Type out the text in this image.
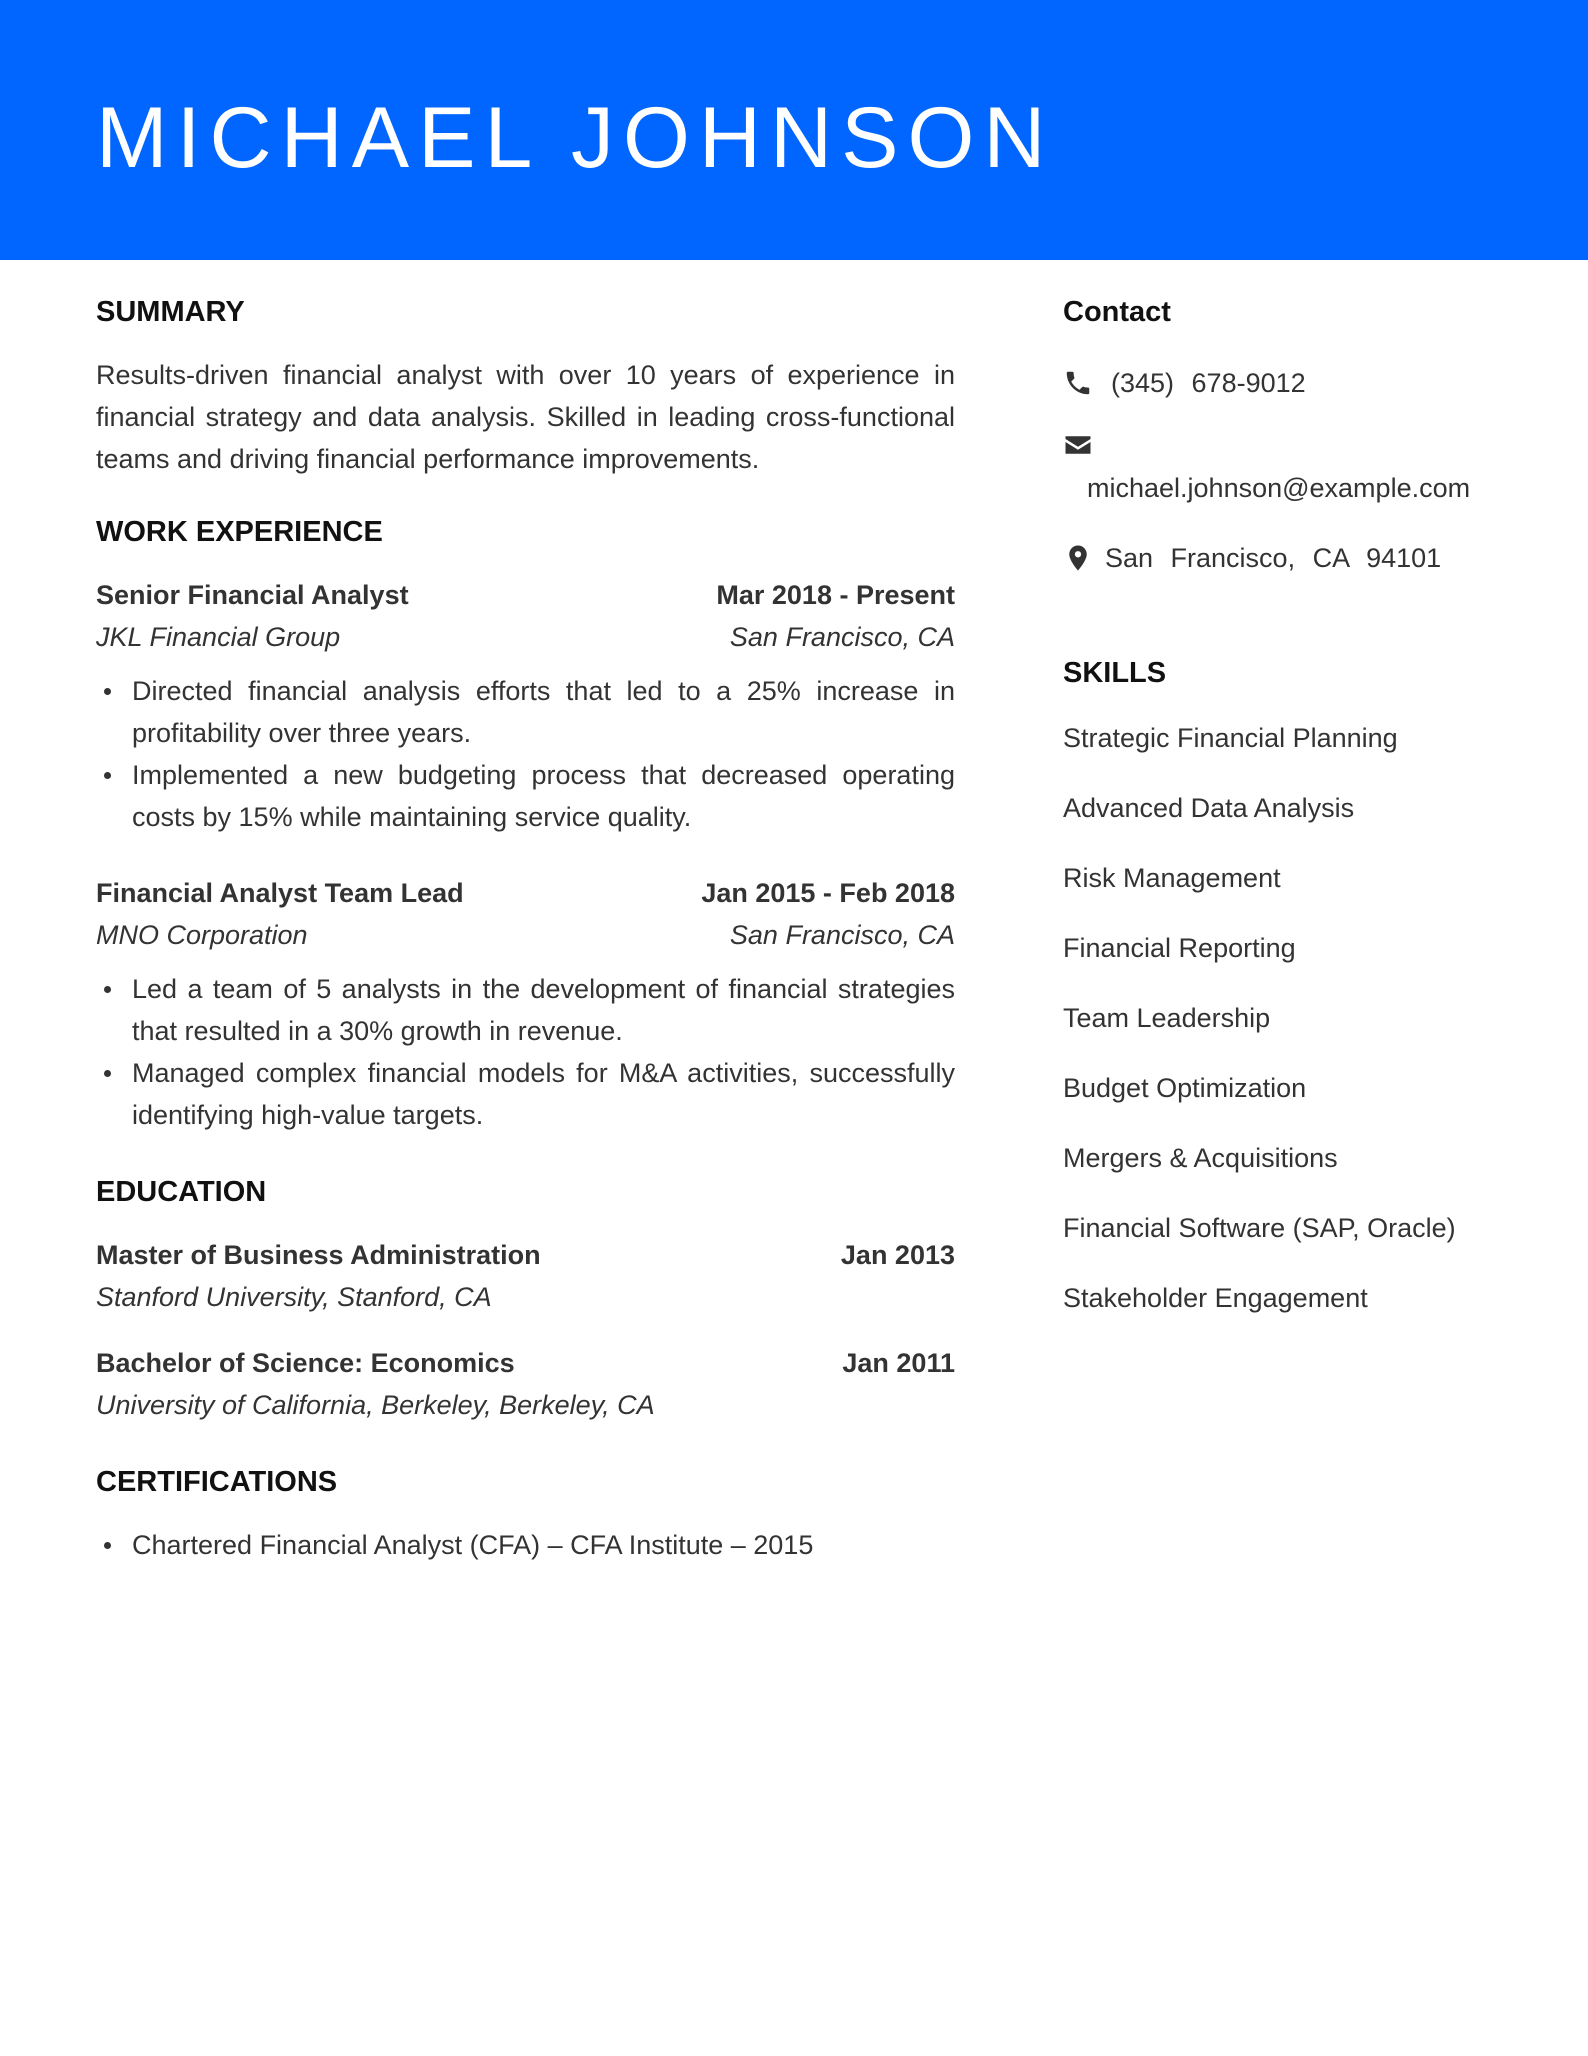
MICHAEL JOHNSON
SUMMARY

Results-driven financial analyst with over 10 years of experience in financial strategy and data analysis. Skilled in leading cross-functional teams and driving financial performance improvements.

WORK EXPERIENCE
Senior Financial Analyst	Mar 2018 - Present
JKL Financial Group	San Francisco, CA
Directed financial analysis efforts that led to a 25% increase in profitability over three years.
Implemented a new budgeting process that decreased operating costs by 15% while maintaining service quality.
Financial Analyst Team Lead	Jan 2015 - Feb 2018
MNO Corporation	San Francisco, CA
Led a team of 5 analysts in the development of financial strategies that resulted in a 30% growth in revenue.
Managed complex financial models for M&A activities, successfully identifying high-value targets.
EDUCATION
Master of Business Administration	Jan 2013
Stanford University, Stanford, CA
Bachelor of Science: Economics	Jan 2011
University of California, Berkeley, Berkeley, CA
CERTIFICATIONS
Chartered Financial Analyst (CFA) – CFA Institute – 2015
Contact
(345) 678-9012
michael.johnson@example.com
San Francisco, CA 94101
SKILLS
Strategic Financial Planning
Advanced Data Analysis
Risk Management
Financial Reporting
Team Leadership
Budget Optimization
Mergers & Acquisitions
Financial Software (SAP, Oracle)
Stakeholder Engagement
